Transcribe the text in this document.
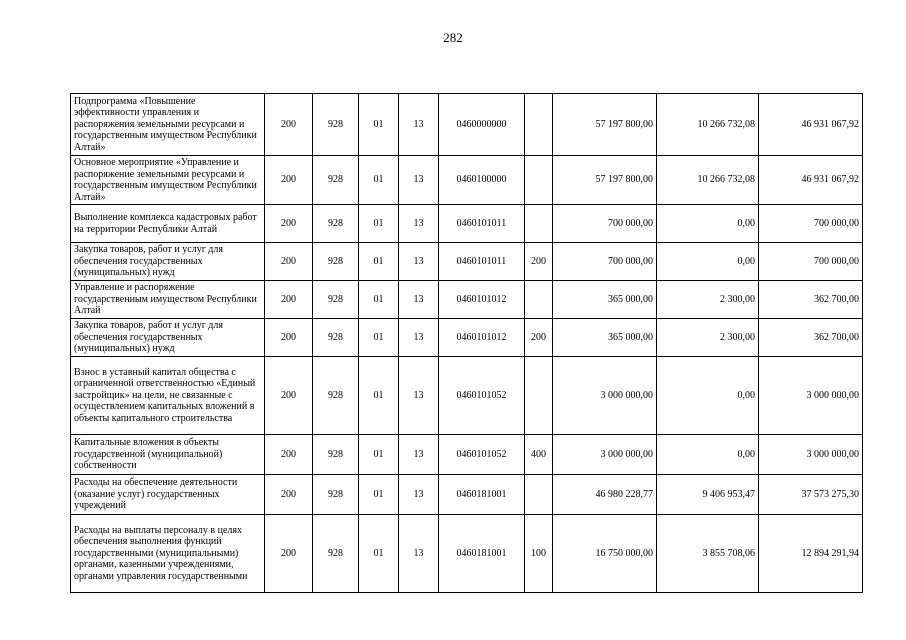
282
Подпрограмма «Повышение эффективности управления и распоряжения земельными ресурсами и государственным имуществом Республики Алтай»	200	928	01	13	0460000000		57 197 800,00	10 266 732,08	46 931 067,92
Основное мероприятие «Управление и распоряжение земельными ресурсами и государственным имуществом Республики Алтай»	200	928	01	13	0460100000		57 197 800,00	10 266 732,08	46 931 067,92
Выполнение комплекса кадастровых работ на территории Республики Алтай	200	928	01	13	0460101011		700 000,00	0,00	700 000,00
Закупка товаров, работ и услуг для обеспечения государственных (муниципальных) нужд	200	928	01	13	0460101011	200	700 000,00	0,00	700 000,00
Управление и распоряжение государственным имуществом Республики Алтай	200	928	01	13	0460101012		365 000,00	2 300,00	362 700,00
Закупка товаров, работ и услуг для обеспечения государственных (муниципальных) нужд	200	928	01	13	0460101012	200	365 000,00	2 300,00	362 700,00
Взнос в уставный капитал общества с ограниченной ответственностью «Единый застройщик» на цели, не связанные с осуществлением капитальных вложений в объекты капитального строительства	200	928	01	13	0460101052		3 000 000,00	0,00	3 000 000,00
Капитальные вложения в объекты государственной (муниципальной) собственности	200	928	01	13	0460101052	400	3 000 000,00	0,00	3 000 000,00
Расходы на обеспечение деятельности (оказание услуг) государственных учреждений	200	928	01	13	0460181001		46 980 228,77	9 406 953,47	37 573 275,30
Расходы на выплаты персоналу в целях обеспечения выполнения функций государственными (муниципальными) органами, казенными учреждениями, органами управления государственными	200	928	01	13	0460181001	100	16 750 000,00	3 855 708,06	12 894 291,94
